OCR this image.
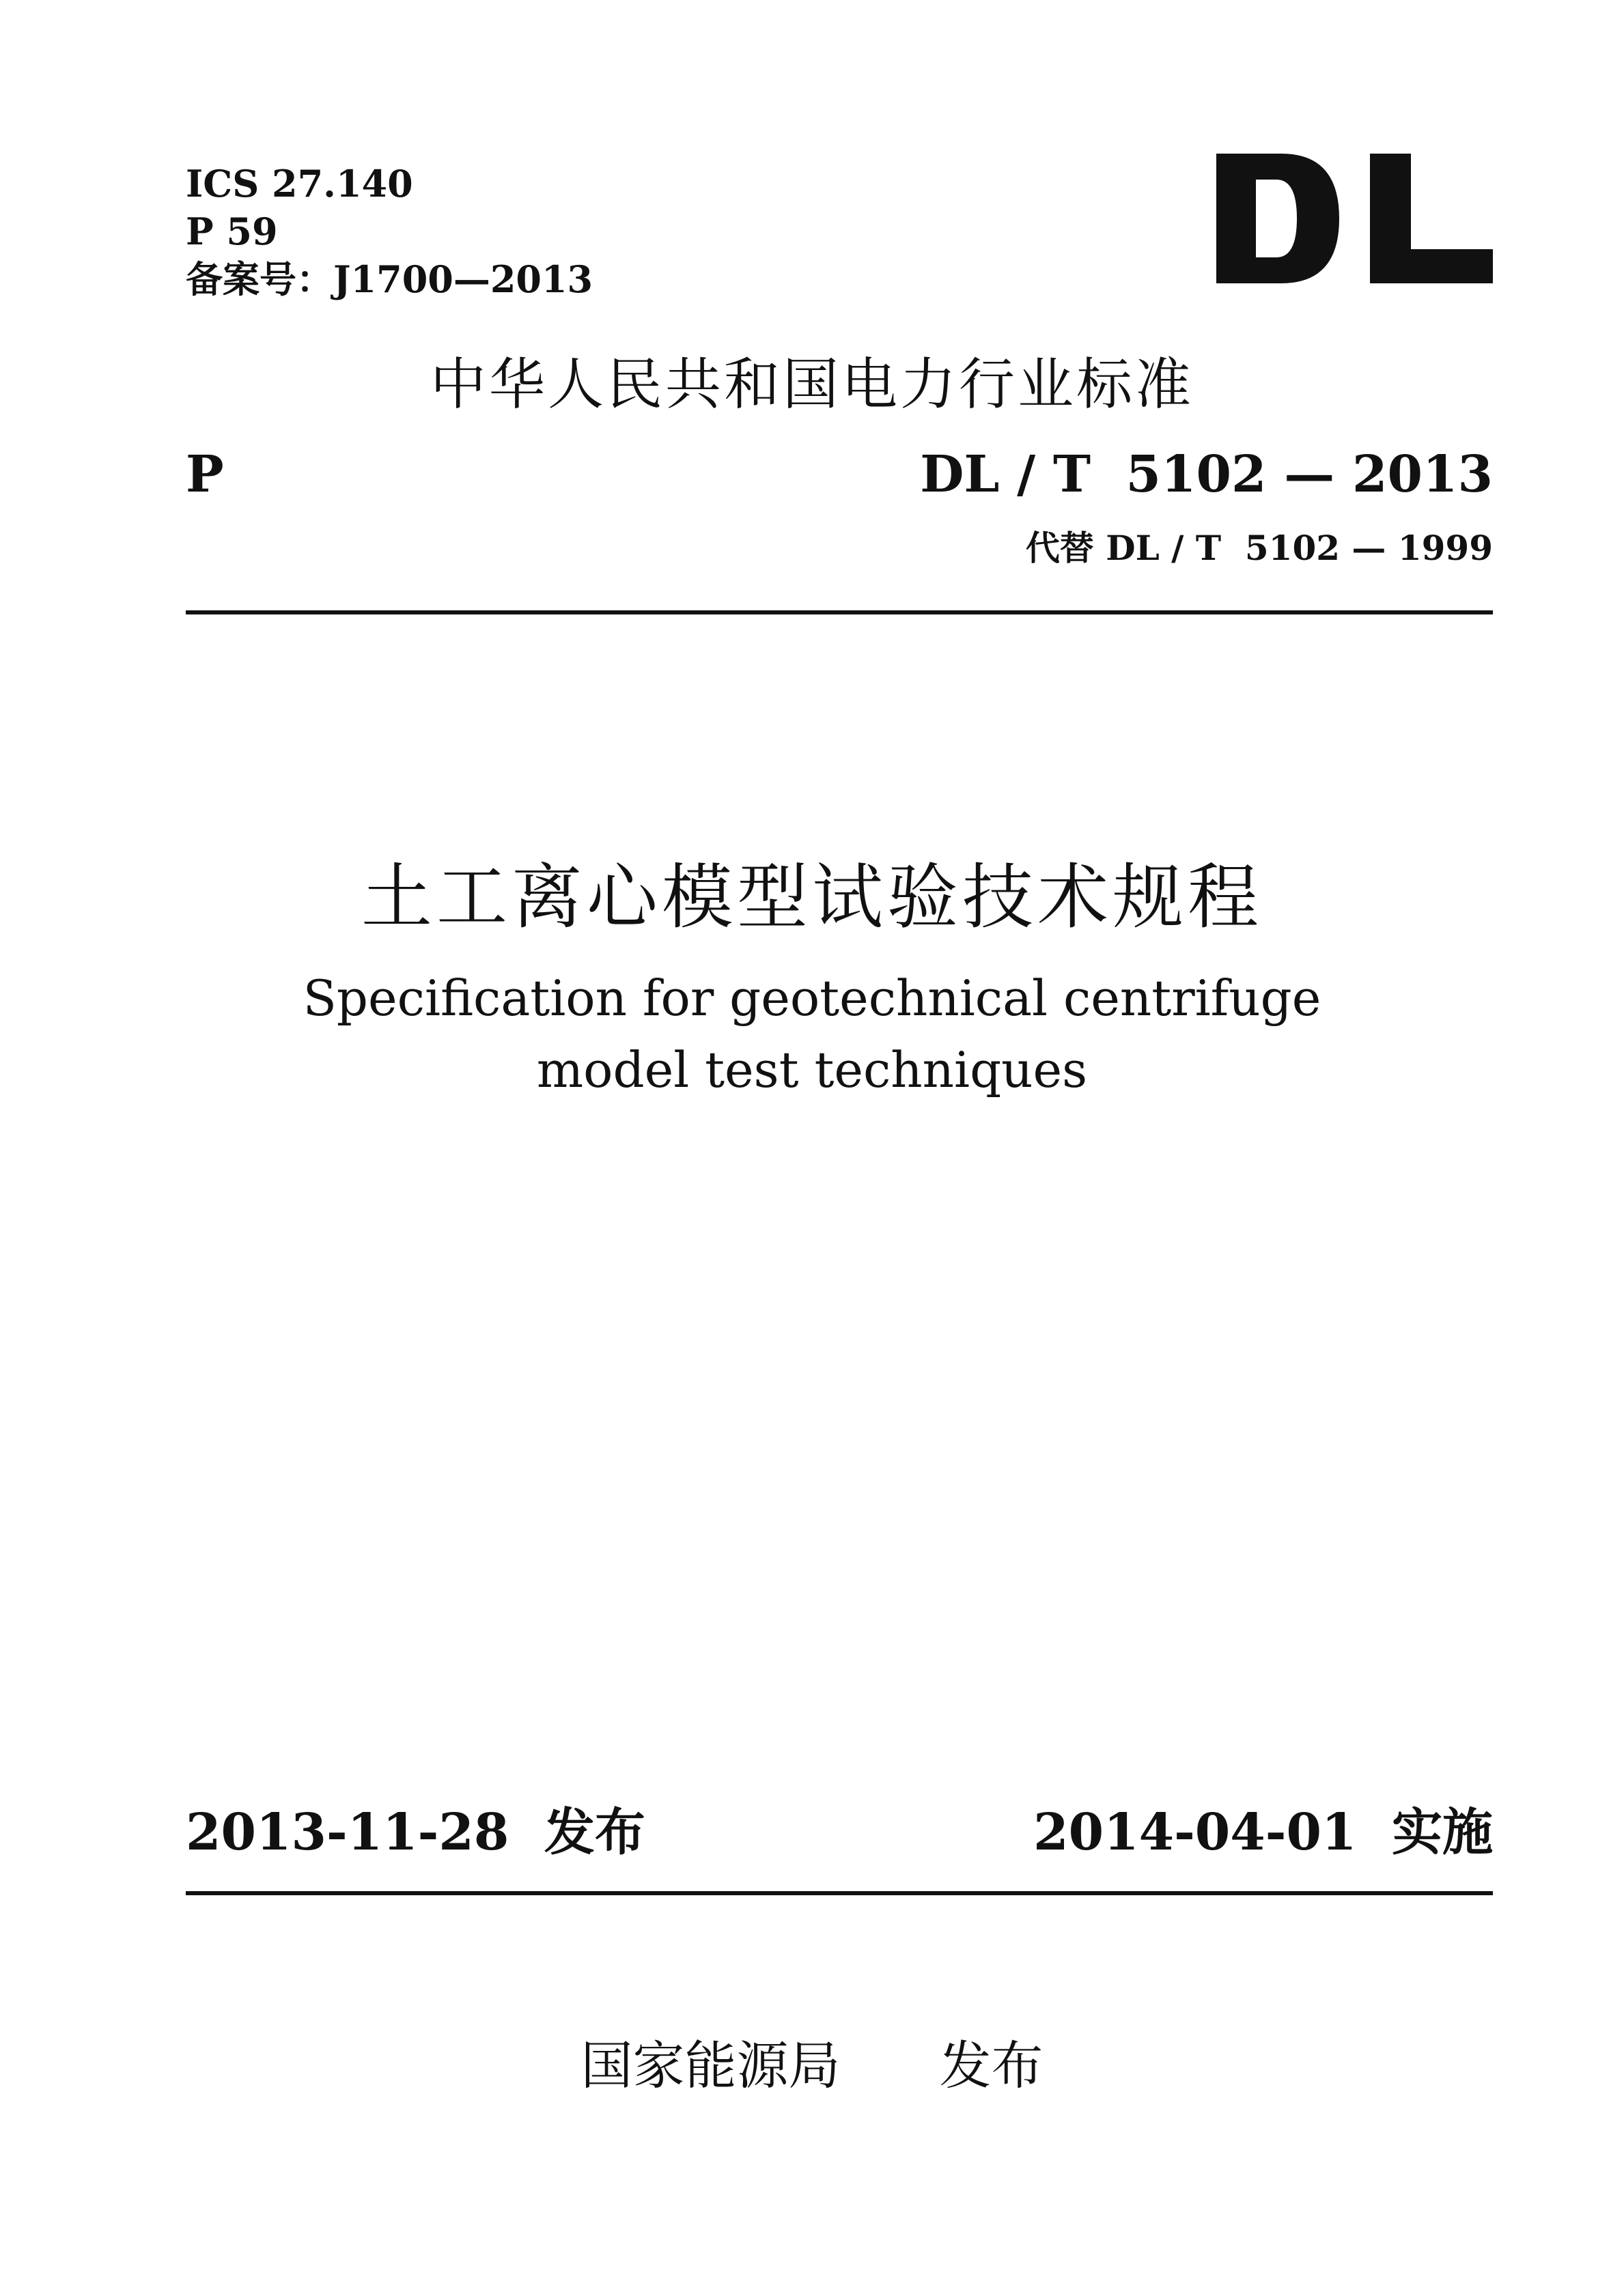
ICS 27.140
P 59
备案号：J1700—2013
中华人民共和国电力行业标准
P	DL / T  5102 — 2013
代替 DL / T  5102 — 1999
土工离心模型试验技术规程
Specification for geotechnical centrifuge
model test techniques
2013-11-28  发布	2014-04-01  实施
国家能源局      发布
